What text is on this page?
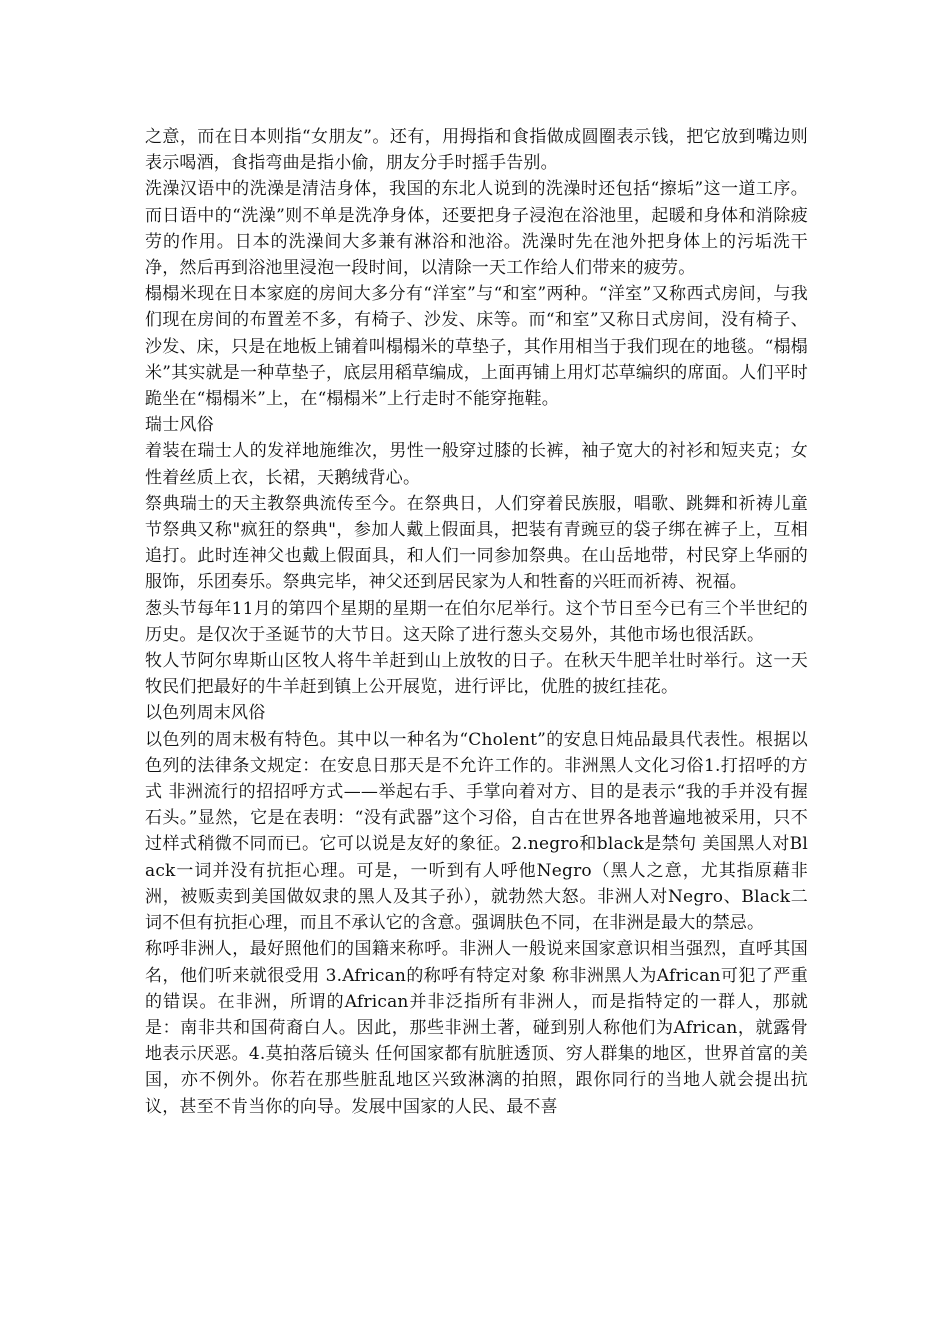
之意，而在日本则指“女朋友”。还有，用拇指和食指做成圆圈表示钱，把它放到嘴边则表示喝酒，食指弯曲是指小偷，朋友分手时摇手告别。

洗澡汉语中的洗澡是清洁身体，我国的东北人说到的洗澡时还包括“擦垢”这一道工序。而日语中的“洗澡”则不单是洗净身体，还要把身子浸泡在浴池里，起暖和身体和消除疲劳的作用。日本的洗澡间大多兼有淋浴和池浴。洗澡时先在池外把身体上的污垢洗干净，然后再到浴池里浸泡一段时间，以清除一天工作给人们带来的疲劳。

榻榻米现在日本家庭的房间大多分有“洋室”与“和室”两种。“洋室”又称西式房间，与我们现在房间的布置差不多，有椅子、沙发、床等。而“和室”又称日式房间，没有椅子、沙发、床，只是在地板上铺着叫榻榻米的草垫子，其作用相当于我们现在的地毯。“榻榻米”其实就是一种草垫子，底层用稻草编成，上面再铺上用灯芯草编织的席面。人们平时跪坐在“榻榻米”上，在“榻榻米”上行走时不能穿拖鞋。

瑞士风俗

着装在瑞士人的发祥地施维次，男性一般穿过膝的长裤，袖子宽大的衬衫和短夹克；女性着丝质上衣，长裙，天鹅绒背心。

祭典瑞士的天主教祭典流传至今。在祭典日，人们穿着民族服，唱歌、跳舞和祈祷儿童节祭典又称"疯狂的祭典"，参加人戴上假面具，把装有青豌豆的袋子绑在裤子上，互相追打。此时连神父也戴上假面具，和人们一同参加祭典。在山岳地带，村民穿上华丽的服饰，乐团奏乐。祭典完毕，神父还到居民家为人和牲畜的兴旺而祈祷、祝福。

葱头节每年11月的第四个星期的星期一在伯尔尼举行。这个节日至今已有三个半世纪的历史。是仅次于圣诞节的大节日。这天除了进行葱头交易外，其他市场也很活跃。

牧人节阿尔卑斯山区牧人将牛羊赶到山上放牧的日子。在秋天牛肥羊壮时举行。这一天牧民们把最好的牛羊赶到镇上公开展览，进行评比，优胜的披红挂花。

以色列周末风俗

以色列的周末极有特色。其中以一种名为“Cholent”的安息日炖品最具代表性。根据以色列的法律条文规定：在安息日那天是不允许工作的。非洲黑人文化习俗1.打招呼的方式 非洲流行的招招呼方式——举起右手、手掌向着对方、目的是表示“我的手并没有握石头。”显然，它是在表明：“没有武器”这个习俗，自古在世界各地普遍地被采用，只不过样式稍微不同而已。它可以说是友好的象征。2.negro和black是禁句 美国黑人对Black一词并没有抗拒心理。可是，一听到有人呼他Negro（黑人之意，尤其指原藉非洲，被贩卖到美国做奴隶的黑人及其子孙），就勃然大怒。非洲人对Negro、Black二词不但有抗拒心理，而且不承认它的含意。强调肤色不同，在非洲是最大的禁忌。

称呼非洲人，最好照他们的国籍来称呼。非洲人一般说来国家意识相当强烈，直呼其国名，他们听来就很受用 3.African的称呼有特定对象 称非洲黑人为African可犯了严重的错误。在非洲，所谓的African并非泛指所有非洲人，而是指特定的一群人，那就是：南非共和国荷裔白人。因此，那些非洲土著，碰到别人称他们为African，就露骨地表示厌恶。4.莫拍落后镜头 任何国家都有肮脏透顶、穷人群集的地区，世界首富的美国，亦不例外。你若在那些脏乱地区兴致淋漓的拍照，跟你同行的当地人就会提出抗议，甚至不肯当你的向导。发展中国家的人民、最不喜
